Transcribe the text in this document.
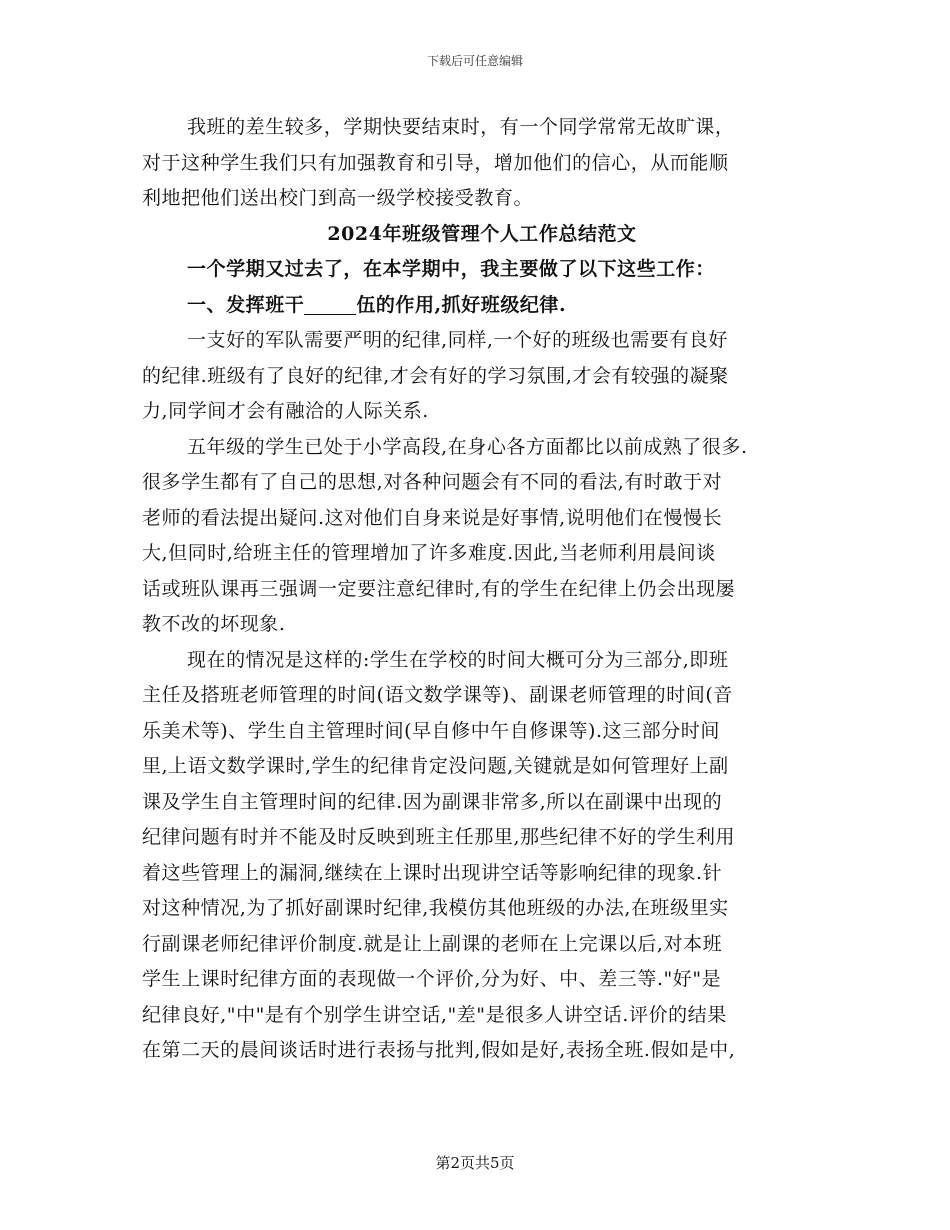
下载后可任意编辑
我班的差生较多，学期快要结束时，有一个同学常常无故旷课，
对于这种学生我们只有加强教育和引导，增加他们的信心，从而能顺
利地把他们送出校门到高一级学校接受教育。
2024年班级管理个人工作总结范文
一个学期又过去了，在本学期中，我主要做了以下这些工作：
一、发挥班干	伍的作用,抓好班级纪律.
一支好的军队需要严明的纪律,同样,一个好的班级也需要有良好
的纪律.班级有了良好的纪律,才会有好的学习氛围,才会有较强的凝聚
力,同学间才会有融洽的人际关系.
五年级的学生已处于小学高段,在身心各方面都比以前成熟了很多.
很多学生都有了自己的思想,对各种问题会有不同的看法,有时敢于对
老师的看法提出疑问.这对他们自身来说是好事情,说明他们在慢慢长
大,但同时,给班主任的管理增加了许多难度.因此,当老师利用晨间谈
话或班队课再三强调一定要注意纪律时,有的学生在纪律上仍会出现屡
教不改的坏现象.
现在的情况是这样的:学生在学校的时间大概可分为三部分,即班
主任及搭班老师管理的时间(语文数学课等)、副课老师管理的时间(音
乐美术等)、学生自主管理时间(早自修中午自修课等).这三部分时间
里,上语文数学课时,学生的纪律肯定没问题,关键就是如何管理好上副
课及学生自主管理时间的纪律.因为副课非常多,所以在副课中出现的
纪律问题有时并不能及时反映到班主任那里,那些纪律不好的学生利用
着这些管理上的漏洞,继续在上课时出现讲空话等影响纪律的现象.针
对这种情况,为了抓好副课时纪律,我模仿其他班级的办法,在班级里实
行副课老师纪律评价制度.就是让上副课的老师在上完课以后,对本班
学生上课时纪律方面的表现做一个评价,分为好、中、差三等."好"是
纪律良好,"中"是有个别学生讲空话,"差"是很多人讲空话.评价的结果
在第二天的晨间谈话时进行表扬与批判,假如是好,表扬全班.假如是中,
第2页共5页
